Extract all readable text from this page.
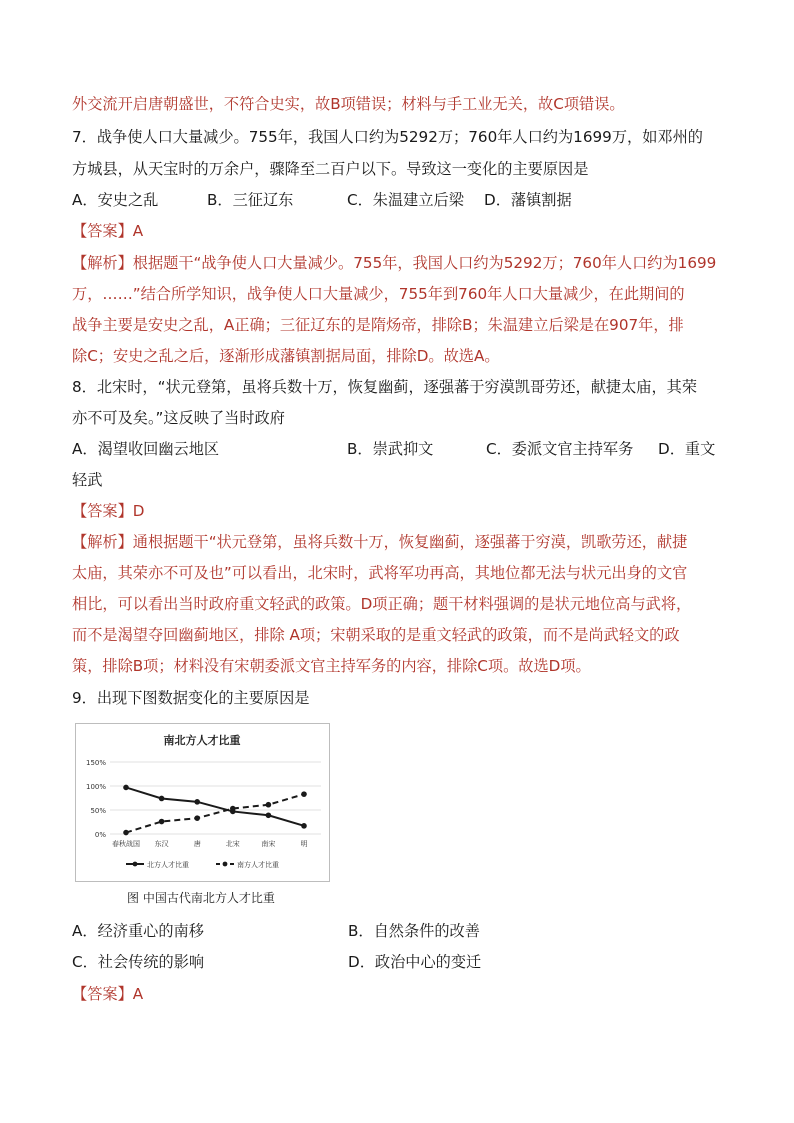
外交流开启唐朝盛世，不符合史实，故B项错误；材料与手工业无关，故C项错误。
7．战争使人口大量减少。755年，我国人口约为5292万；760年人口约为1699万，如邓州的
方城县，从天宝时的万余户，骤降至二百户以下。导致这一变化的主要原因是
A．安史之乱	B．三征辽东	C．朱温建立后梁 D．藩镇割据
【答案】A
【解析】根据题干“战争使人口大量减少。755年，我国人口约为5292万；760年人口约为1699
万，……”结合所学知识，战争使人口大量减少，755年到760年人口大量减少，在此期间的
战争主要是安史之乱，A正确；三征辽东的是隋炀帝，排除B；朱温建立后梁是在907年，排
除C；安史之乱之后，逐渐形成藩镇割据局面，排除D。故选A。
8．北宋时，“状元登第，虽将兵数十万，恢复幽蓟，逐强蕃于穷漠凯哥劳还，献捷太庙，其荣
亦不可及矣。”这反映了当时政府
A．渴望收回幽云地区	B．崇武抑文	C．委派文官主持军务 D．重文
轻武
【答案】D
【解析】通根据题干“状元登第，虽将兵数十万，恢复幽蓟，逐强蕃于穷漠，凯歌劳还，献捷
太庙，其荣亦不可及也”可以看出，北宋时，武将军功再高，其地位都无法与状元出身的文官
相比，可以看出当时政府重文轻武的政策。D项正确；题干材料强调的是状元地位高与武将，
而不是渴望夺回幽蓟地区，排除 A项；宋朝采取的是重文轻武的政策，而不是尚武轻文的政
策，排除B项；材料没有宋朝委派文官主持军务的内容，排除C项。故选D项。
9．出现下图数据变化的主要原因是
南北方人才比重
150%
100%
50%
0%
春秋战国 东汉	唐	北宋	南宋	明
北方人才比重	南方人才比重
图 中国古代南北方人才比重
A．经济重心的南移	B．自然条件的改善
C．社会传统的影响	D．政治中心的变迁
【答案】A
